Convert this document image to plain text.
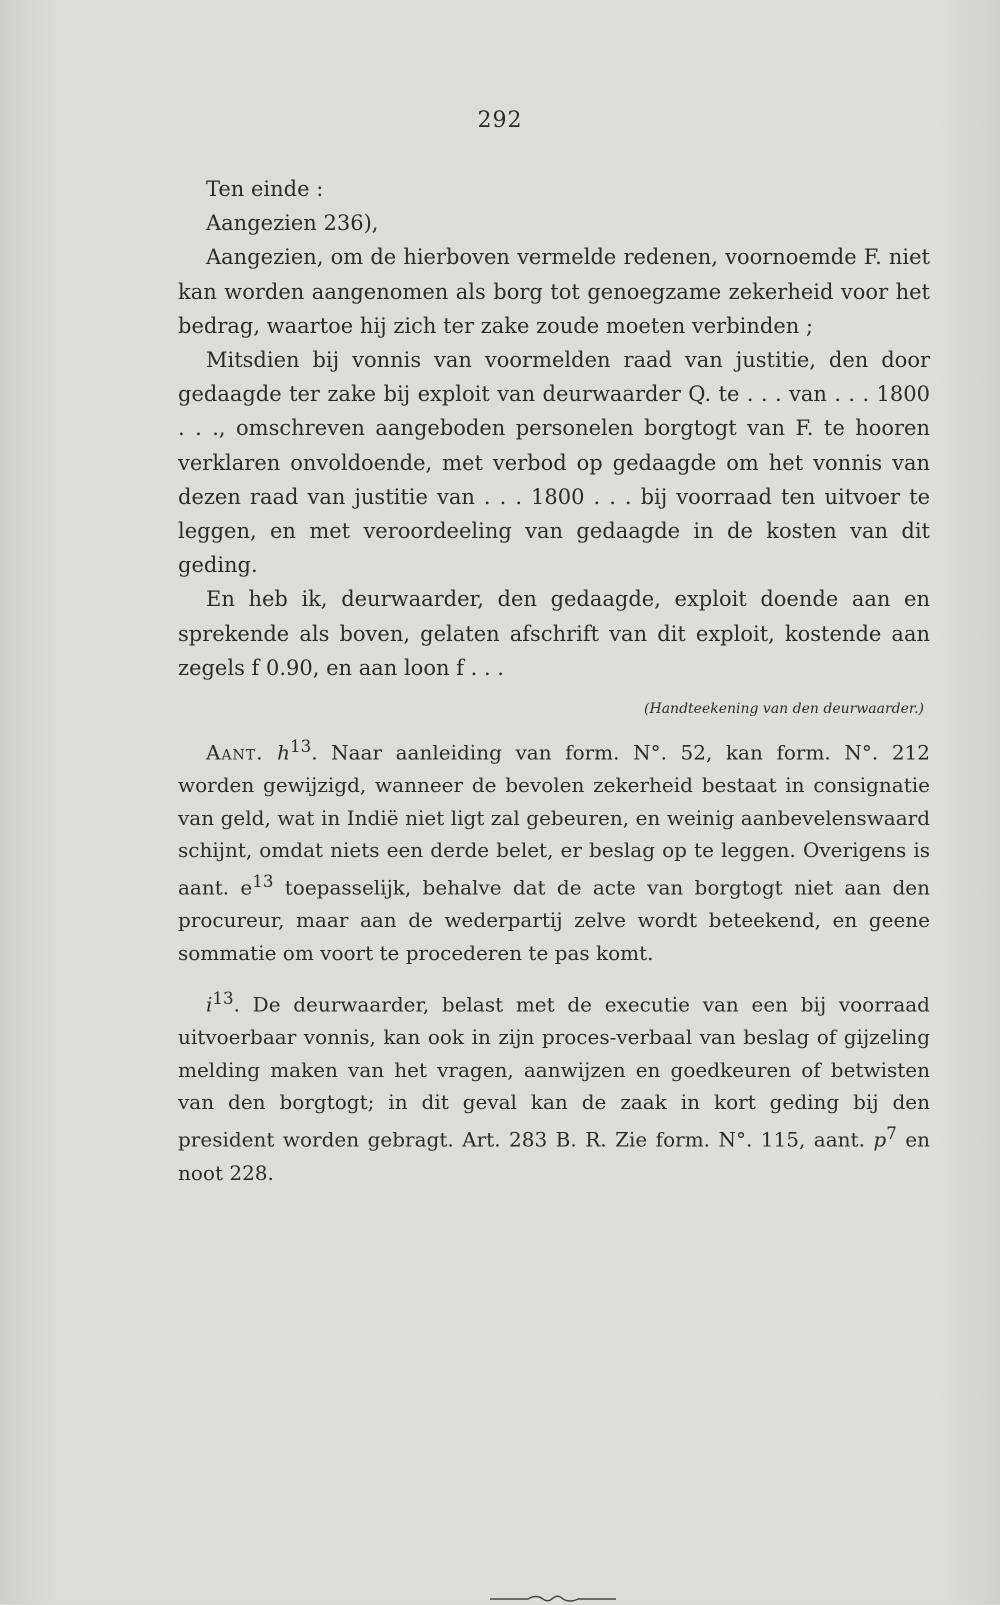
292

Ten einde :

Aangezien 236),

Aangezien, om de hierboven vermelde redenen, voornoemde F. niet kan worden aangenomen als borg tot genoegzame zekerheid voor het bedrag, waartoe hij zich ter zake zoude moeten verbinden ;

Mitsdien bij vonnis van voormelden raad van justitie, den door gedaagde ter zake bij exploit van deurwaarder Q. te . . . van . . . 1800 . . ., omschreven aangeboden personelen borgtogt van F. te hooren verklaren onvoldoende, met verbod op gedaagde om het vonnis van dezen raad van justitie van . . . 1800 . . . bij voorraad ten uitvoer te leggen, en met veroordeeling van gedaagde in de kosten van dit geding.

En heb ik, deurwaarder, den gedaagde, exploit doende aan en sprekende als boven, gelaten afschrift van dit exploit, kostende aan zegels f 0.90, en aan loon f . . .

(Handteekening van den deurwaarder.)

Aant. $h^{13}$. Naar aanleiding van form. N°. 52, kan form. N°. 212 worden gewijzigd, wanneer de bevolen zekerheid bestaat in consignatie van geld, wat in Indië niet ligt zal gebeuren, en weinig aanbevelenswaard schijnt, omdat niets een derde belet, er beslag op te leggen. Overigens is aant. $e^{13}$ toepasselijk, behalve dat de acte van borgtogt niet aan den procureur, maar aan de wederpartij zelve wordt beteekend, en geene sommatie om voort te procederen te pas komt.

$i^{13}$. De deurwaarder, belast met de executie van een bij voorraad uitvoerbaar vonnis, kan ook in zijn proces-verbaal van beslag of gijzeling melding maken van het vragen, aanwijzen en goedkeuren of betwisten van den borgtogt; in dit geval kan de zaak in kort geding bij den president worden gebragt. Art. 283 B. R. Zie form. N°. 115, aant. $p^7$ en noot 228.
